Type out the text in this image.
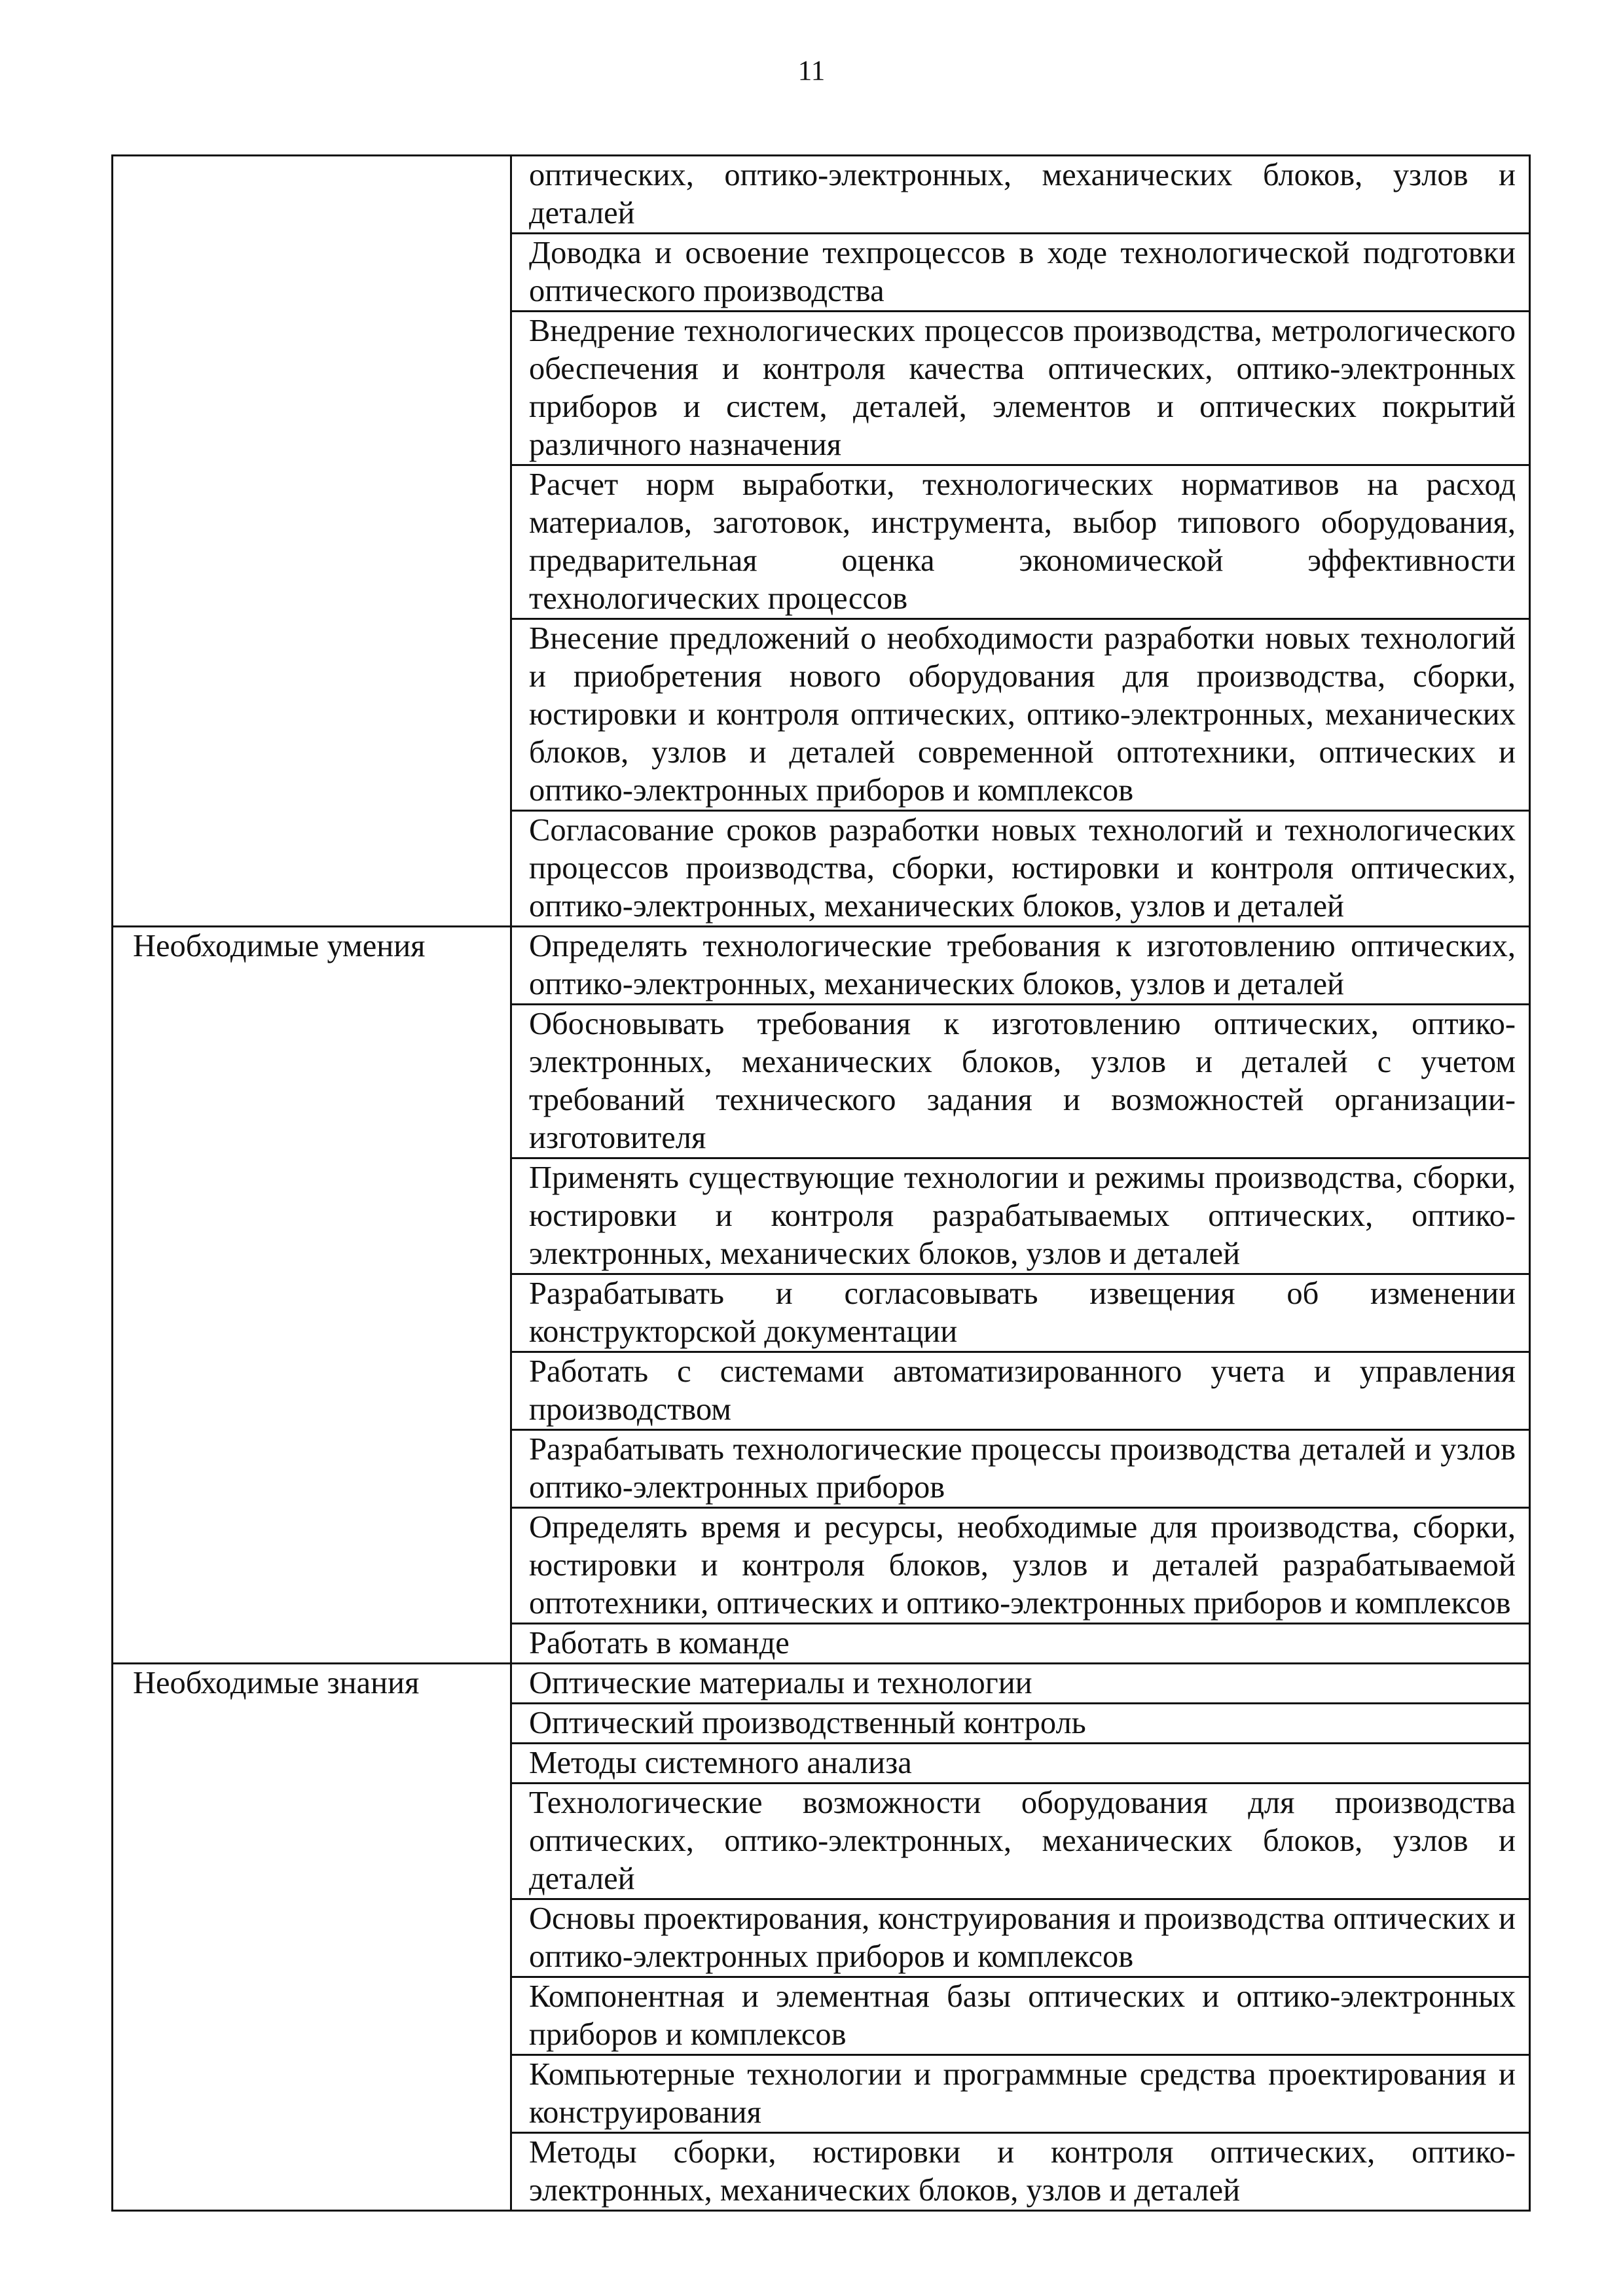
11
	оптических, оптико-электронных, механических блоков, узлов и деталей
	Доводка и освоение техпроцессов в ходе технологической подготовки оптического производства
	Внедрение технологических процессов производства, метрологического обеспечения и контроля качества оптических, оптико-электронных приборов и систем, деталей, элементов и оптических покрытий различного назначения
	Расчет норм выработки, технологических нормативов на расход материалов, заготовок, инструмента, выбор типового оборудования, предварительная оценка экономической эффективности технологических процессов
	Внесение предложений о необходимости разработки новых технологий и приобретения нового оборудования для производства, сборки, юстировки и контроля оптических, оптико-электронных, механических блоков, узлов и деталей современной оптотехники, оптических и оптико-электронных приборов и комплексов
	Согласование сроков разработки новых технологий и технологических процессов производства, сборки, юстировки и контроля оптических, оптико-электронных, механических блоков, узлов и деталей
Необходимые умения	Определять технологические требования к изготовлению оптических, оптико-электронных, механических блоков, узлов и деталей
	Обосновывать требования к изготовлению оптических, оптико-электронных, механических блоков, узлов и деталей с учетом требований технического задания и возможностей организации-изготовителя
	Применять существующие технологии и режимы производства, сборки, юстировки и контроля разрабатываемых оптических, оптико-электронных, механических блоков, узлов и деталей
	Разрабатывать и согласовывать извещения об изменении конструкторской документации
	Работать с системами автоматизированного учета и управления производством
	Разрабатывать технологические процессы производства деталей и узлов оптико-электронных приборов
	Определять время и ресурсы, необходимые для производства, сборки, юстировки и контроля блоков, узлов и деталей разрабатываемой оптотехники, оптических и оптико-электронных приборов и комплексов
	Работать в команде
Необходимые знания	Оптические материалы и технологии
	Оптический производственный контроль
	Методы системного анализа
	Технологические возможности оборудования для производства оптических, оптико-электронных, механических блоков, узлов и деталей
	Основы проектирования, конструирования и производства оптических и оптико-электронных приборов и комплексов
	Компонентная и элементная базы оптических и оптико-электронных приборов и комплексов
	Компьютерные технологии и программные средства проектирования и конструирования
	Методы сборки, юстировки и контроля оптических, оптико-электронных, механических блоков, узлов и деталей
